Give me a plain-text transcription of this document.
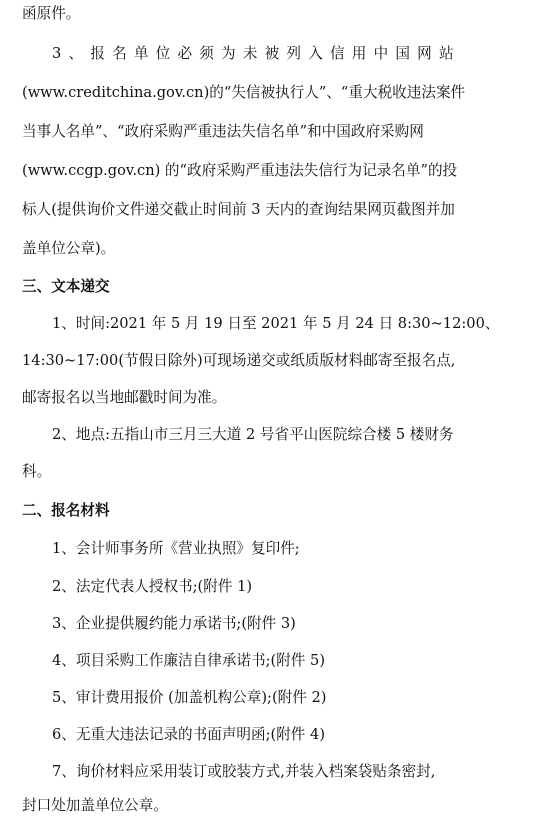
函原件。
3、报名单位必须为未被列入信用中国网站
(www.creditchina.gov.cn)的“失信被执行人”、“重大税收违法案件
当事人名单”、“政府采购严重违法失信名单”和中国政府采购网
(www.ccgp.gov.cn) 的“政府采购严重违法失信行为记录名单”的投
标人(提供询价文件递交截止时间前 3 天内的查询结果网页截图并加
盖单位公章)。
三、文本递交
1、时间:2021 年 5 月 19 日至 2021 年 5 月 24 日 8:30~12:00、
14:30~17:00(节假日除外)可现场递交或纸质版材料邮寄至报名点,
邮寄报名以当地邮戳时间为准。
2、地点:五指山市三月三大道 2 号省平山医院综合楼 5 楼财务
科。
二、报名材料
1、会计师事务所《营业执照》复印件;
2、法定代表人授权书;(附件 1)
3、企业提供履约能力承诺书;(附件 3)
4、项目采购工作廉洁自律承诺书;(附件 5)
5、审计费用报价 (加盖机构公章);(附件 2)
6、无重大违法记录的书面声明函;(附件 4)
7、询价材料应采用装订或胶装方式,并装入档案袋贴条密封,
封口处加盖单位公章。
